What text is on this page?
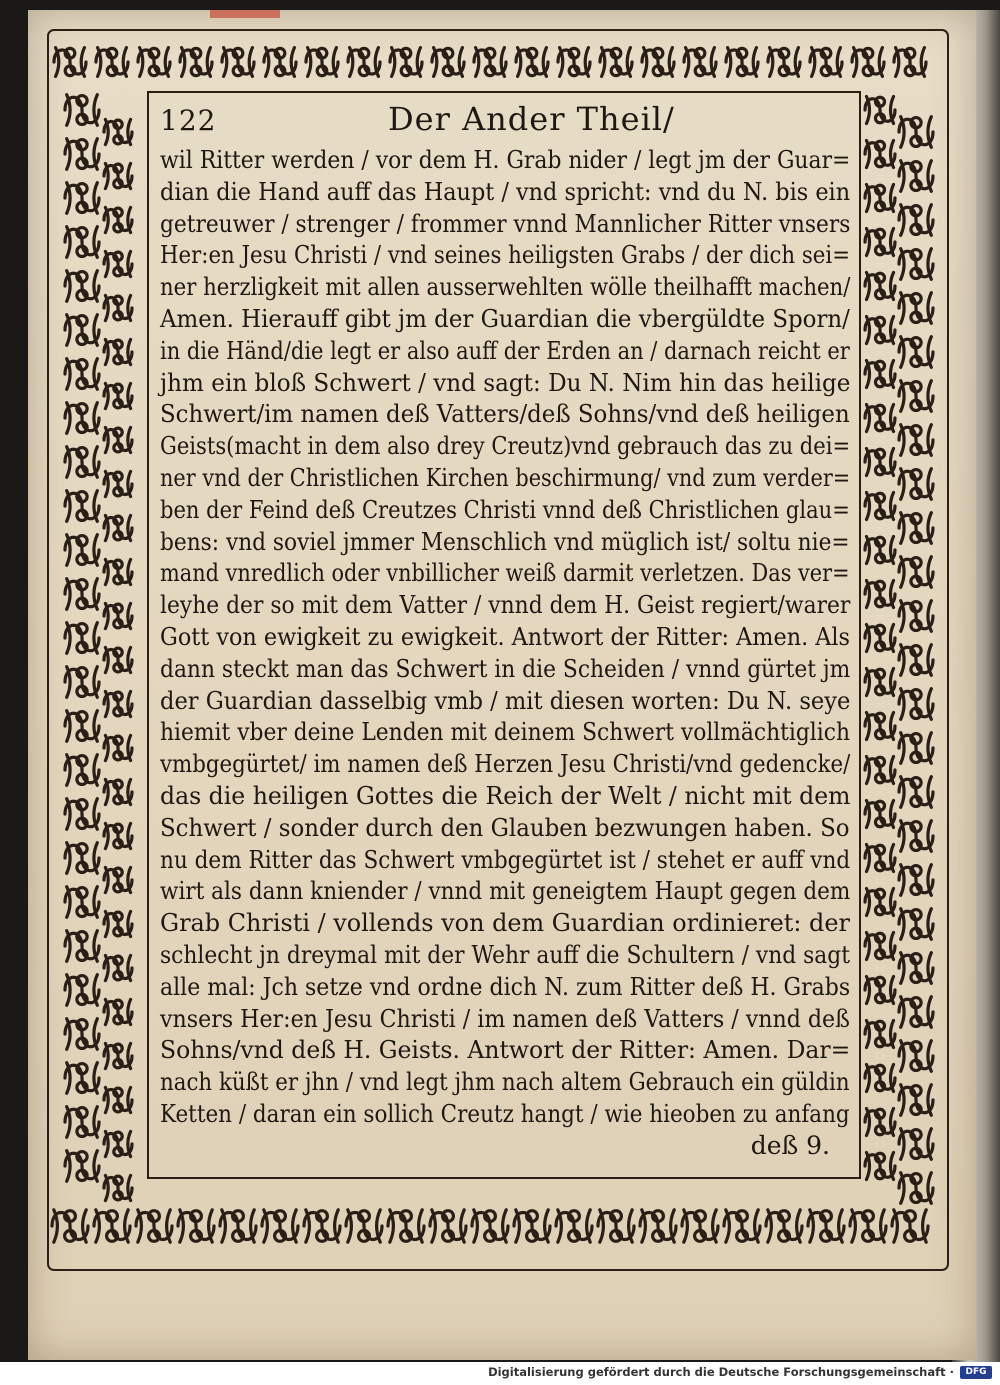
122	Der Ander Theil/
wil Ritter werden / vor dem H. Grab nider / legt jm der Guar=
dian die Hand auff das Haupt / vnd spricht: vnd du N. bis ein
getreuwer / strenger / frommer vnnd Mannlicher Ritter vnsers
Her:en Jesu Christi / vnd seines heiligsten Grabs / der dich sei=
ner herzligkeit mit allen ausserwehlten wölle theilhafft machen/
Amen. Hierauff gibt jm der Guardian die vbergüldte Sporn/
in die Händ/die legt er also auff der Erden an / darnach reicht er
jhm ein bloß Schwert / vnd sagt: Du N. Nim hin das heilige
Schwert/im namen deß Vatters/deß Sohns/vnd deß heiligen
Geists(macht in dem also drey Creutz)vnd gebrauch das zu dei=
ner vnd der Christlichen Kirchen beschirmung/ vnd zum verder=
ben der Feind deß Creutzes Christi vnnd deß Christlichen glau=
bens: vnd soviel jmmer Menschlich vnd müglich ist/ soltu nie=
mand vnredlich oder vnbillicher weiß darmit verletzen. Das ver=
leyhe der so mit dem Vatter / vnnd dem H. Geist regiert/warer
Gott von ewigkeit zu ewigkeit. Antwort der Ritter: Amen. Als
dann steckt man das Schwert in die Scheiden / vnnd gürtet jm
der Guardian dasselbig vmb / mit diesen worten: Du N. seye
hiemit vber deine Lenden mit deinem Schwert vollmächtiglich
vmbgegürtet/ im namen deß Herzen Jesu Christi/vnd gedencke/
das die heiligen Gottes die Reich der Welt / nicht mit dem
Schwert / sonder durch den Glauben bezwungen haben. So
nu dem Ritter das Schwert vmbgegürtet ist / stehet er auff vnd
wirt als dann kniender / vnnd mit geneigtem Haupt gegen dem
Grab Christi / vollends von dem Guardian ordinieret: der
schlecht jn dreymal mit der Wehr auff die Schultern / vnd sagt
alle mal: Jch setze vnd ordne dich N. zum Ritter deß H. Grabs
vnsers Her:en Jesu Christi / im namen deß Vatters / vnnd deß
Sohns/vnd deß H. Geists. Antwort der Ritter: Amen. Dar=
nach küßt er jhn / vnd legt jhm nach altem Gebrauch ein güldin
Ketten / daran ein sollich Creutz hangt / wie hieoben zu anfang
deß 9.
Digitalisierung gefördert durch die Deutsche Forschungsgemeinschaft ·	DFG
